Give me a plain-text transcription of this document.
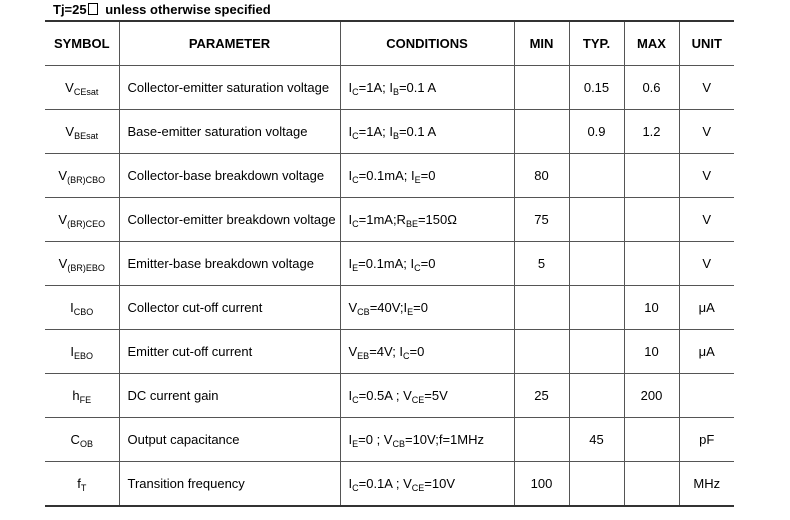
Tj=25 unless otherwise specified
SYMBOL	PARAMETER	CONDITIONS	MIN	TYP.	MAX	UNIT
$V_{CEsat}$	Collector-emitter saturation voltage	$I_C=1A$; $I_B=0.1$ A		0.15	0.6	V
$V_{BEsat}$	Base-emitter saturation voltage	$I_C=1A$; $I_B=0.1$ A		0.9	1.2	V
$V_{(BR)CBO}$	Collector-base breakdown voltage	$I_C=0.1mA$; $I_E=0$	80			V
$V_{(BR)CEO}$	Collector-emitter breakdown voltage	$I_C=1mA;R_{BE}=150\Omega$	75			V
$V_{(BR)EBO}$	Emitter-base breakdown voltage	$I_E=0.1mA$; $I_C=0$	5			V
$I_{CBO}$	Collector cut-off current	$V_{CB}=40V;I_E=0$			10	μA
$I_{EBO}$	Emitter cut-off current	$V_{EB}=4V$; $I_C=0$			10	μA
$h_{FE}$	DC current gain	$I_C=0.5A$ ; $V_{CE}=5V$	25		200	
$C_{OB}$	Output capacitance	$I_E=0$ ; $V_{CB}=10V;f=1MHz$		45		pF
$f_T$	Transition frequency	$I_C=0.1A$ ; $V_{CE}=10V$	100			MHz
